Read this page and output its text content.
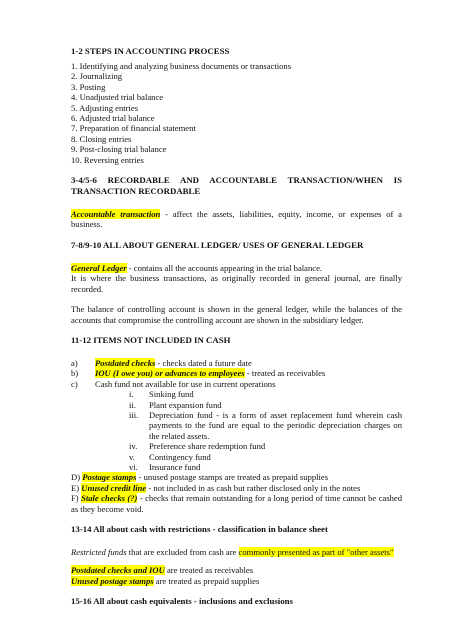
1-2 STEPS IN ACCOUNTING PROCESS
1. Identifying and analyzing business documents or transactions
2. Journalizing
3. Posting
4. Unadjusted trial balance
5. Adjusting entries
6. Adjusted trial balance
7. Preparation of financial statement
8. Closing entries
9. Post-closing trial balance
10. Reversing entries
3-4/5-6 RECORDABLE AND ACCOUNTABLE TRANSACTION/WHEN IS TRANSACTION RECORDABLE

Accountable transaction - affect the assets, liabilities, equity, income, or expenses of a business.

7-8/9-10 ALL ABOUT GENERAL LEDGER/ USES OF GENERAL LEDGER

General Ledger - contains all the accounts appearing in the trial balance.

It is where the business transactions, as originally recorded in general journal, are finally recorded.

The balance of controlling account is shown in the general ledger, while the balances of the accounts that compromise the controlling account are shown in the subsidiary ledger.

11-12 ITEMS NOT INCLUDED IN CASH
a) Postdated checks - checks dated a future date
b) IOU (I owe you) or advances to employees - treated as receivables
c) Cash fund not available for use in current operations
i. Sinking fund
ii. Plant expansion fund
iii. Depreciation fund - is a form of asset replacement fund wherein cash payments to the fund are equal to the periodic depreciation charges on the related assets.
iv. Preference share redemption fund
v. Contingency fund
vi. Insurance fund

D) Postage stamps - unused postage stamps are treated as prepaid supplies

E) Unused credit line - not included in as cash but rather disclosed only in the notes

F) Stale checks (?) - checks that remain outstanding for a long period of time cannot be cashed as they become void.

13-14 All about cash with restrictions - classification in balance sheet

Restricted funds that are excluded from cash are commonly presented as part of "other assets"

Postdated checks and IOU are treated as receivables

Unused postage stamps are treated as prepaid supplies

15-16 All about cash equivalents - inclusions and exclusions
